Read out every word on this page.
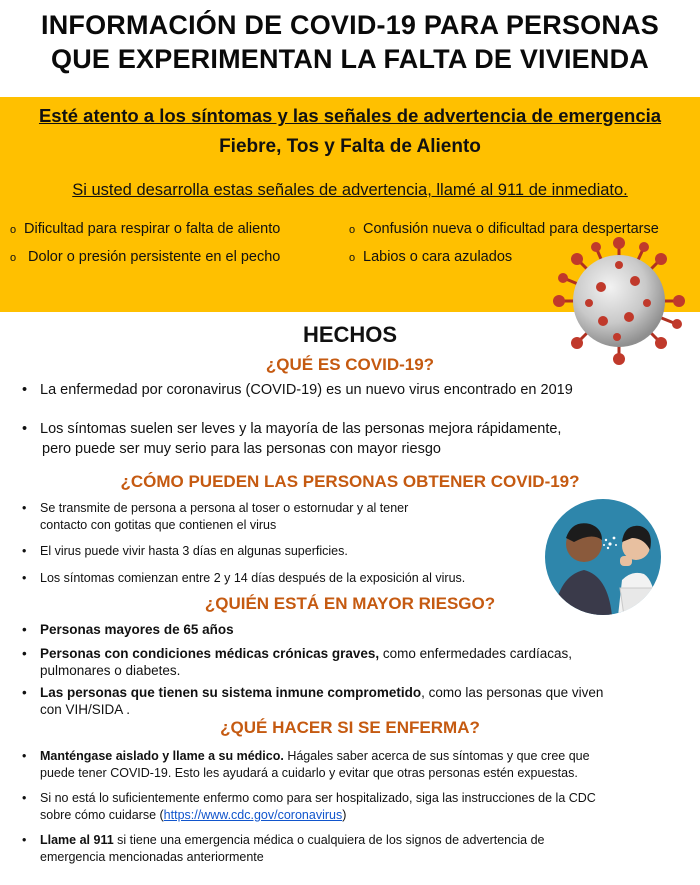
INFORMACIÓN DE COVID-19 PARA PERSONAS
QUE EXPERIMENTAN LA FALTA DE VIVIENDA
Esté atento a los síntomas y las señales de advertencia de emergencia
Fiebre, Tos y Falta de Aliento
Si usted desarrolla estas señales de advertencia, llamé al 911 de inmediato.
o Dificultad para respirar o falta de aliento	o Confusión nueva o dificultad para despertarse
o Dolor o presión persistente en el pecho	o Labios o cara azulados
HECHOS
¿QUÉ ES COVID-19?
• La enfermedad por coronavirus (COVID-19) es un nuevo virus encontrado en 2019
• Los síntomas suelen ser leves y la mayoría de las personas mejora rápidamente,
pero puede ser muy serio para las personas con mayor riesgo
¿CÓMO PUEDEN LAS PERSONAS OBTENER COVID-19?
• Se transmite de persona a persona al toser o estornudar y al tener
contacto con gotitas que contienen el virus
• El virus puede vivir hasta 3 días en algunas superficies.
• Los síntomas comienzan entre 2 y 14 días después de la exposición al virus.
¿QUIÉN ESTÁ EN MAYOR RIESGO?
• Personas mayores de 65 años
• Personas con condiciones médicas crónicas graves, como enfermedades cardíacas,
pulmonares o diabetes.
• Las personas que tienen su sistema inmune comprometido, como las personas que viven
con VIH/SIDA .
¿QUÉ HACER SI SE ENFERMA?
• Manténgase aislado y llame a su médico. Hágales saber acerca de sus síntomas y que cree que
puede tener COVID-19. Esto les ayudará a cuidarlo y evitar que otras personas estén expuestas.
• Si no está lo suficientemente enfermo como para ser hospitalizado, siga las instrucciones de la CDC
sobre cómo cuidarse (https://www.cdc.gov/coronavirus)
• Llame al 911 si tiene una emergencia médica o cualquiera de los signos de advertencia de
emergencia mencionadas anteriormente
